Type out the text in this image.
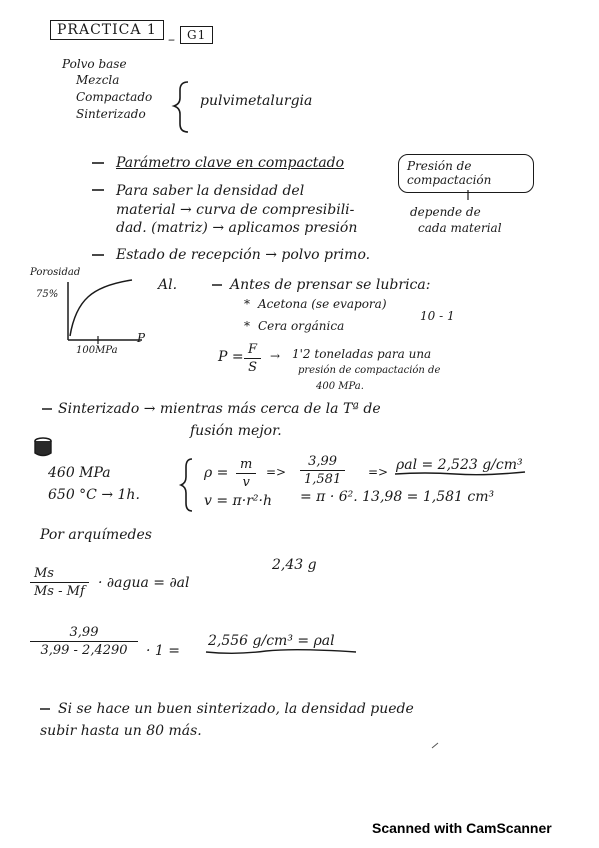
PRACTICA 1
–	G1
Polvo base
Mezcla
Compactado
Sinterizado
pulvimetalurgia
Parámetro clave en compactado	Presión de compactación
Para saber la densidad del
material → curva de compresibili-
dad. (matriz) → aplicamos presión
depende de
cada material
Estado de recepción → polvo primo.
Porosidad
75%
100MPa
P
Al.	Antes de prensar se lubrica:
* Acetona (se evapora)
* Cera orgánica
10 - 1
P = F
S
→ 1'2 toneladas para una
presión de compactación de
400 MPa.
Sinterizado → mientras más cerca de la Tª de
fusión mejor.
460 MPa
650 °C → 1h.
ρ =
m
v
=>
3,99
1,581	=> ρal = 2,523 g/cm³
v = π·r²·h = π · 6². 13,98 = 1,581 cm³
Por arquímedes
2,43 g
Ms
Ms - Mf
· ∂agua = ∂al
3,99
3,99 - 2,4290	· 1 =
2,556 g/cm³ = ρal
Si se hace un buen sinterizado, la densidad puede
subir hasta un 80 más.
Scanned with CamScanner
